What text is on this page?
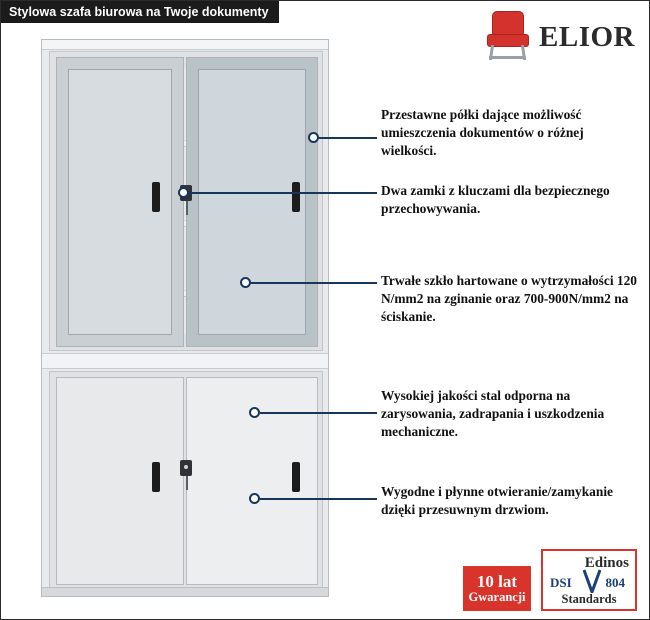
Stylowa szafa biurowa na Twoje dokumenty
ELIOR
Przestawne półki dające możliwość umieszczenia dokumentów o różnej wielkości.
Dwa zamki z kluczami dla bezpiecznego przechowywania.
Trwałe szkło hartowane o wytrzymałości 120 N/mm2 na zginanie oraz 700-900N/mm2 na ściskanie.
Wysokiej jakości stal odporna na zarysowania, zadrapania i uszkodzenia mechaniczne.
Wygodne i płynne otwieranie/zamykanie dzięki przesuwnym drzwiom.
10 lat
Gwarancji
Edinos
DSI	804
Standards
